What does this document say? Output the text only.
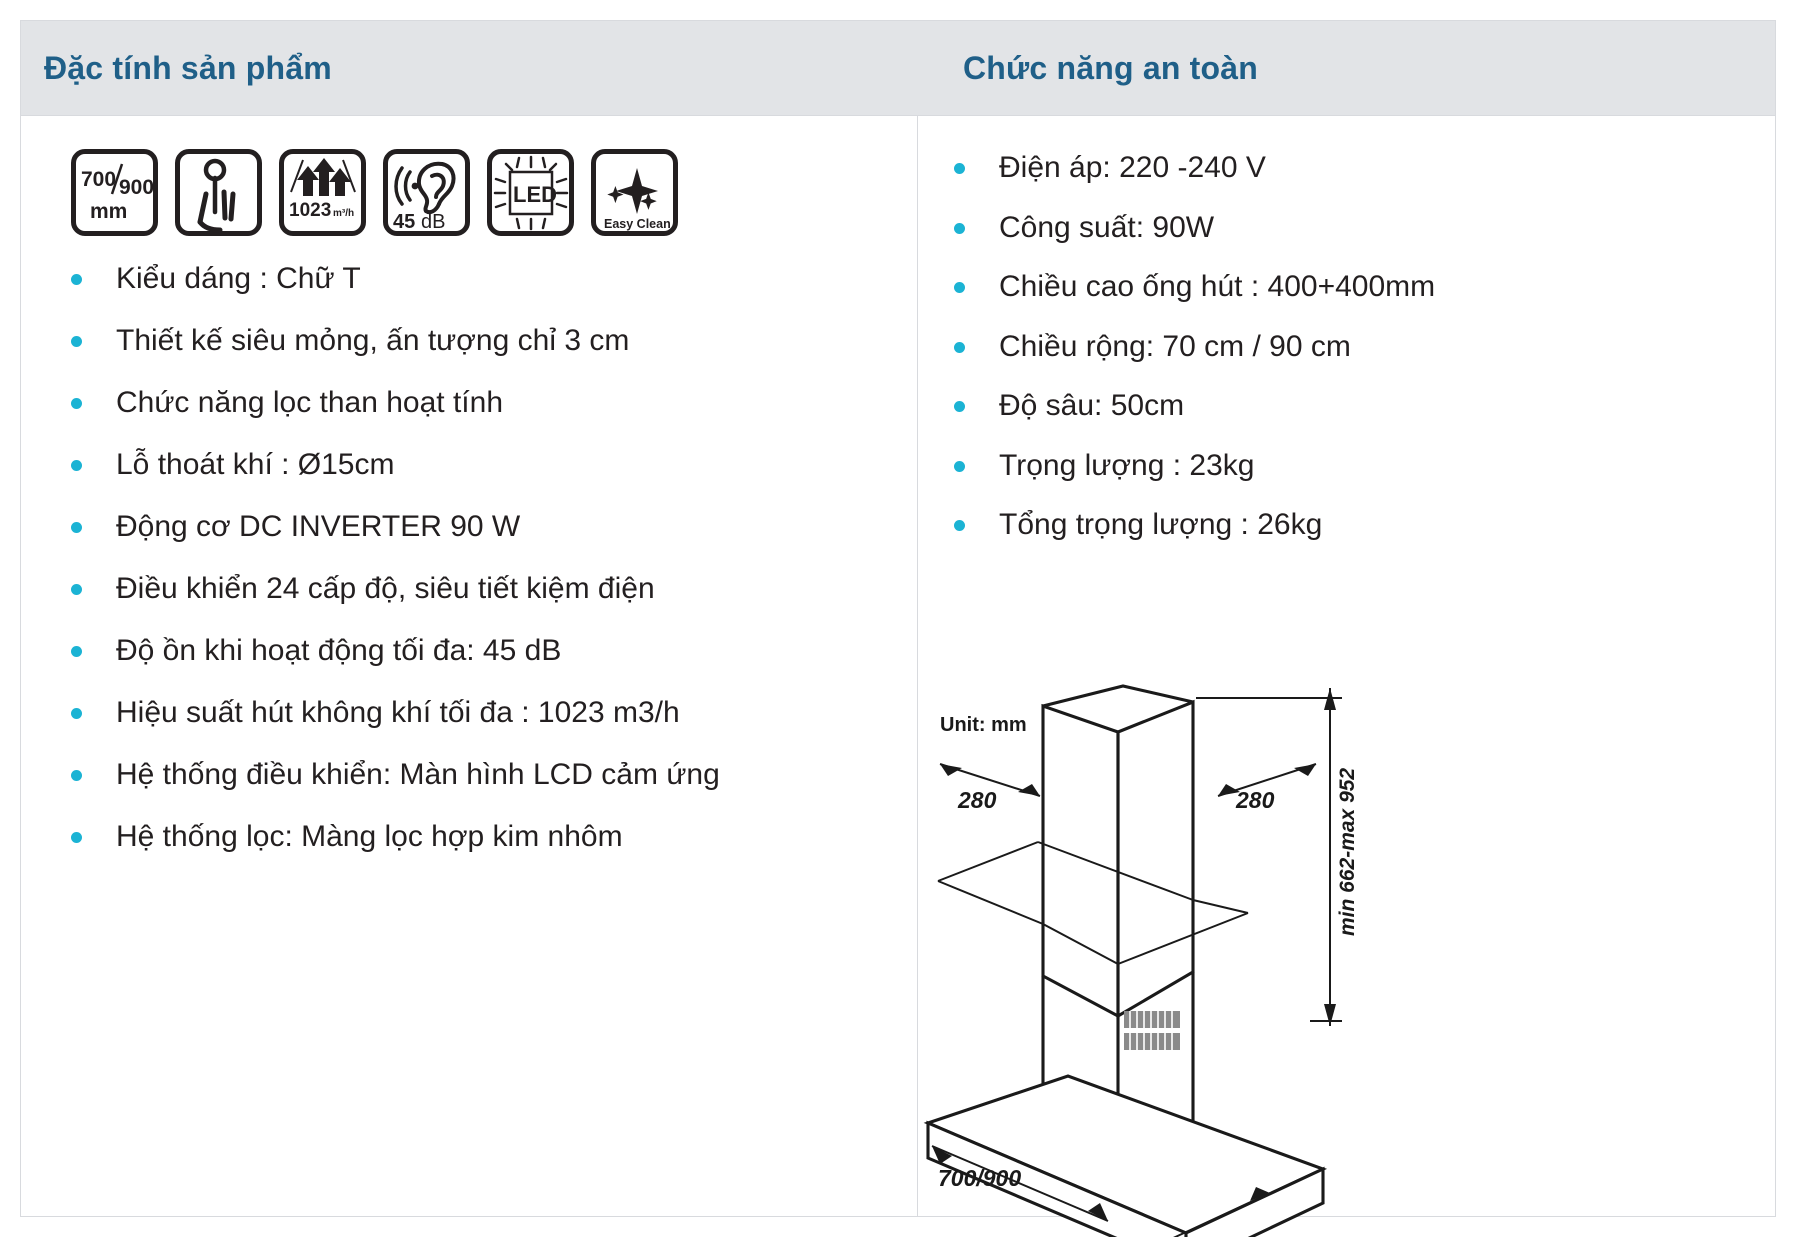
Đặc tính sản phẩm	Chức năng an toàn
700 900
mm	1023 m³/h 45 dB
LED
Easy Clean
Kiểu dáng : Chữ T
Thiết kế siêu mỏng, ấn tượng chỉ 3 cm
Chức năng lọc than hoạt tính
Lỗ thoát khí : Ø15cm
Động cơ DC INVERTER 90 W
Điều khiển 24 cấp độ, siêu tiết kiệm điện
Độ ồn khi hoạt động tối đa: 45 dB
Hiệu suất hút không khí tối đa : 1023 m3/h
Hệ thống điều khiển: Màn hình LCD cảm ứng
Hệ thống lọc: Màng lọc hợp kim nhôm
Điện áp: 220 -240 V
Công suất: 90W
Chiều cao ống hút : 400+400mm
Chiều rộng: 70 cm / 90 cm
Độ sâu: 50cm
Trọng lượng : 23kg
Tổng trọng lượng : 26kg
280	280	min 662-max 952
700/900
Unit: mm
